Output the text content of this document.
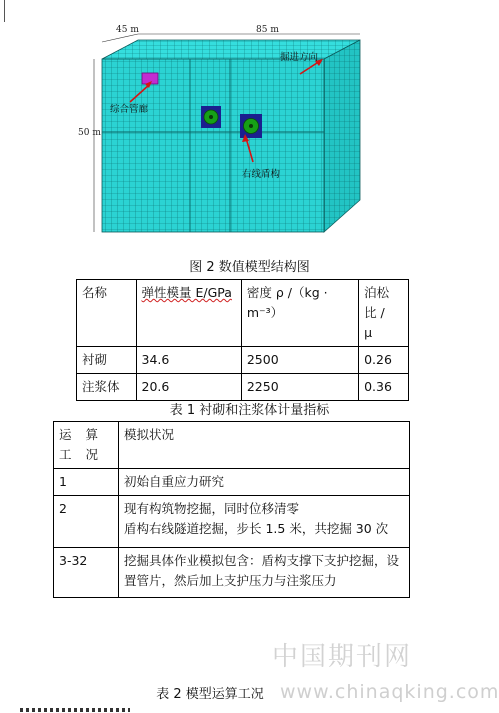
45 m	85 m
50 m
综合管廊
掘进方向
右线盾构
图 2 数值模型结构图
名称	弹性模量 E/GPa	密度 ρ /（kg · m⁻³）	泊松 比 /
μ

衬砌	34.6	2500	0.26
注浆体	20.6	2250	0.36
表 1 衬砌和注浆体计量指标
运 算 工 况	模拟状况
1	初始自重应力研究

2	现有构筑物挖掘，同时位移清零
盾构右线隧道挖掘，步长 1.5 米，共挖掘 30 次

3-32	挖掘具体作业模拟包含：盾构支撑下支护挖掘，设置管片，然后加上支护压力与注浆压力
中国期刊网
表 2 模型运算工况 www.chinaqking.com
